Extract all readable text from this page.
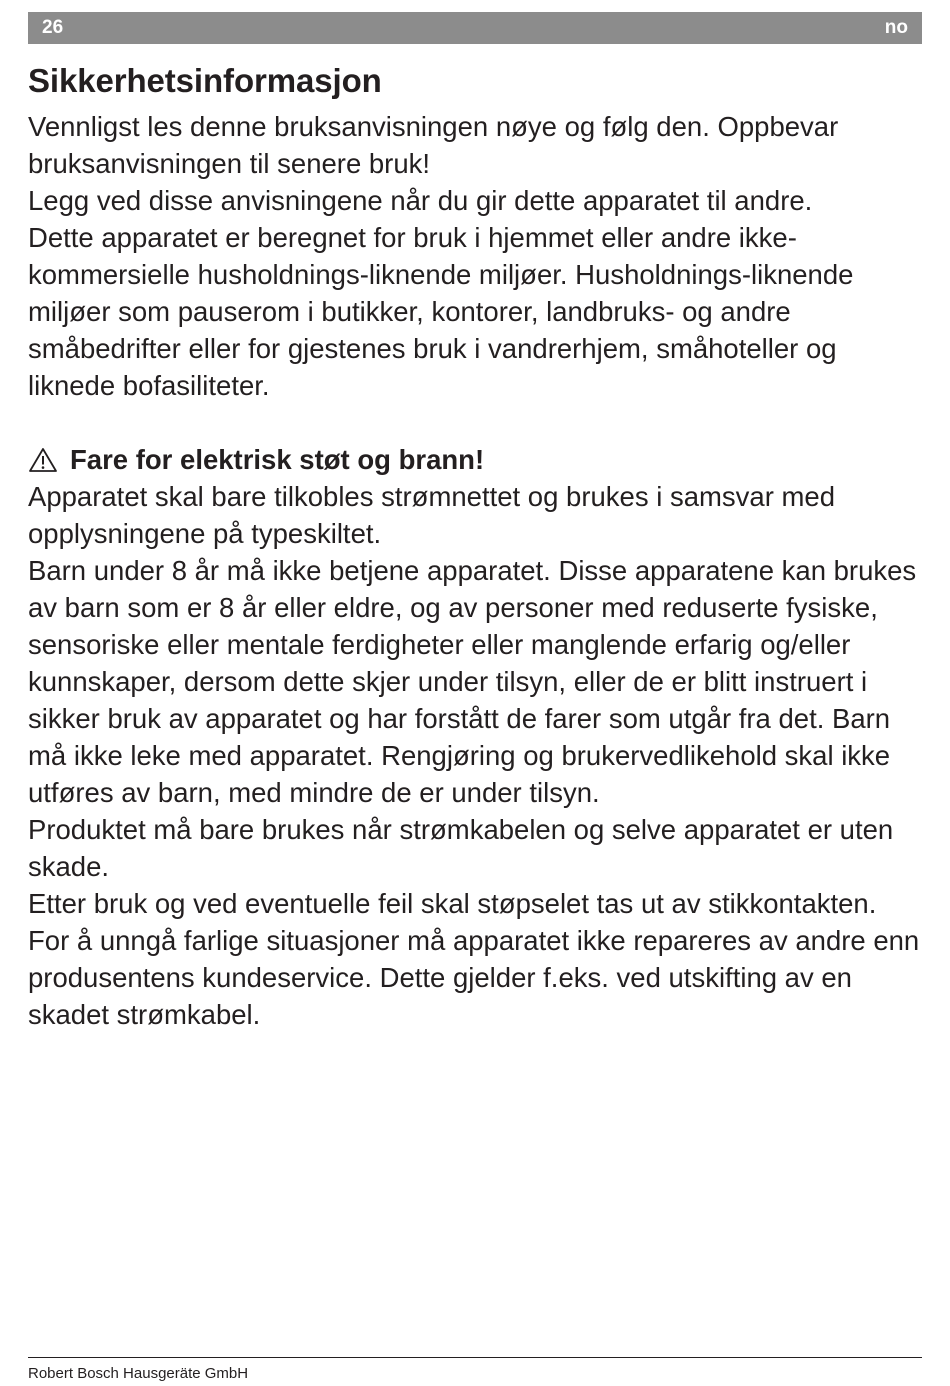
26	no
Sikkerhetsinformasjon
Vennligst les denne bruksanvisningen nøye og følg den. Oppbevar bruksanvisningen til senere bruk!
Legg ved disse anvisningene når du gir dette apparatet til andre.
Dette apparatet er beregnet for bruk i hjemmet eller andre ikke-kommersielle husholdnings-liknende miljøer. Husholdnings-liknende miljøer som pauserom i butikker, kontorer, landbruks- og andre småbedrifter eller for gjestenes bruk i vandrerhjem, småhoteller og liknede bofasiliteter.
Fare for elektrisk støt og brann!
Apparatet skal bare tilkobles strømnettet og brukes i samsvar med opplysningene på typeskiltet.
Barn under 8 år må ikke betjene apparatet. Disse apparatene kan brukes av barn som er 8 år eller eldre, og av personer med reduserte fysiske, sensoriske eller mentale ferdigheter eller manglende erfarig og/eller kunnskaper, dersom dette skjer under tilsyn, eller de er blitt instruert i sikker bruk av apparatet og har forstått de farer som utgår fra det. Barn må ikke leke med apparatet. Rengjøring og brukervedlikehold skal ikke utføres av barn, med mindre de er under tilsyn.
Produktet må bare brukes når strømkabelen og selve apparatet er uten skade.
Etter bruk og ved eventuelle feil skal støpselet tas ut av stikkontakten.
For å unngå farlige situasjoner må apparatet ikke repareres av andre enn produsentens kundeservice. Dette gjelder f.eks. ved utskifting av en skadet strømkabel.
Robert Bosch Hausgeräte GmbH
